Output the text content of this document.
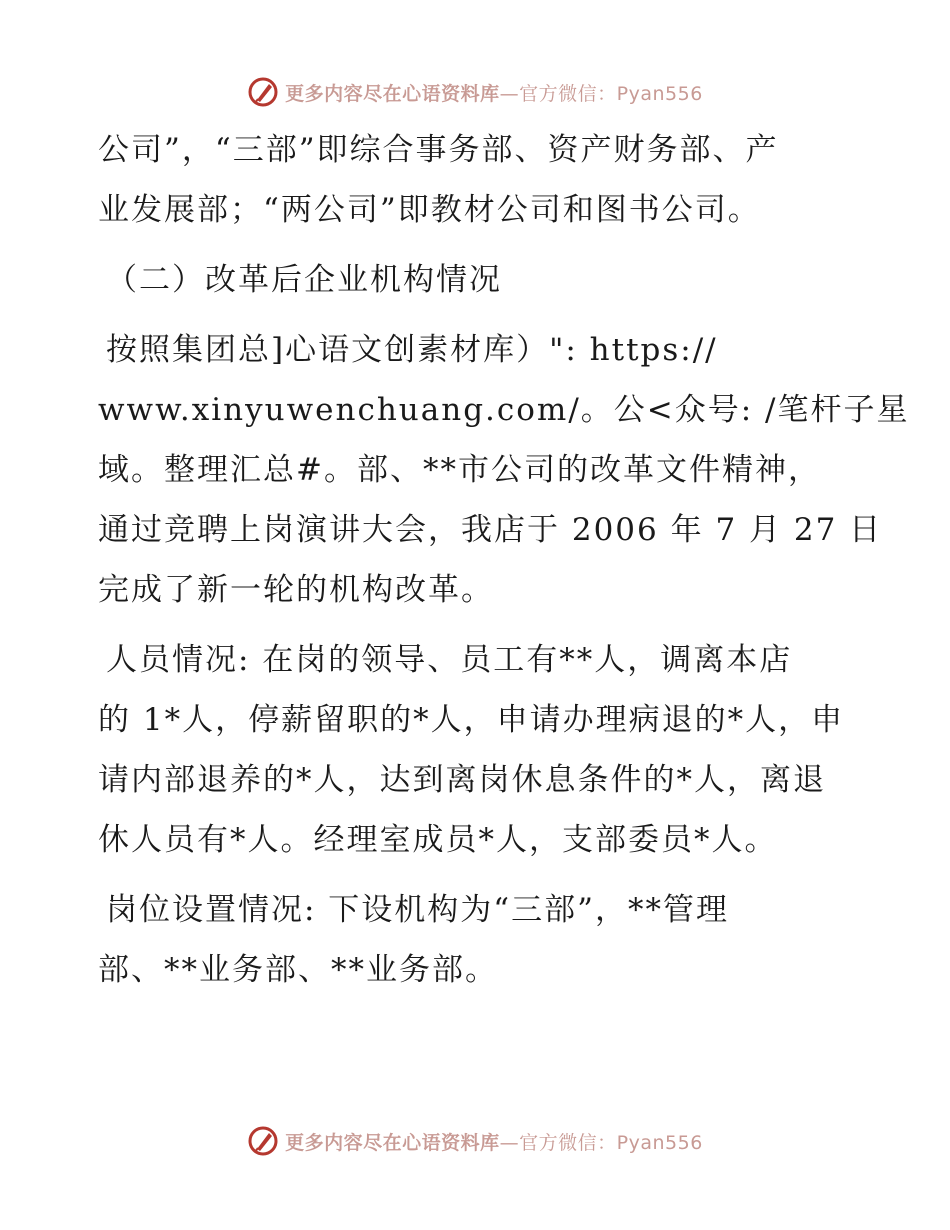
更多内容尽在心语资料库—官方微信：Pyan556

公司”，“三部”即综合事务部、资产财务部、产
业发展部；“两公司”即教材公司和图书公司。

（二）改革后企业机构情况

按照集团总]心语文创素材库）": https://
www.xinyuwenchuang.com/。公<众号: /笔杆子星
域。整理汇总#。部、**市公司的改革文件精神，
通过竞聘上岗演讲大会，我店于 2006 年 7 月 27 日
完成了新一轮的机构改革。

人员情况: 在岗的领导、员工有**人，调离本店
的 1*人，停薪留职的*人，申请办理病退的*人，申
请内部退养的*人，达到离岗休息条件的*人，离退
休人员有*人。经理室成员*人，支部委员*人。

岗位设置情况: 下设机构为“三部”，**管理
部、**业务部、**业务部。

更多内容尽在心语资料库—官方微信：Pyan556
